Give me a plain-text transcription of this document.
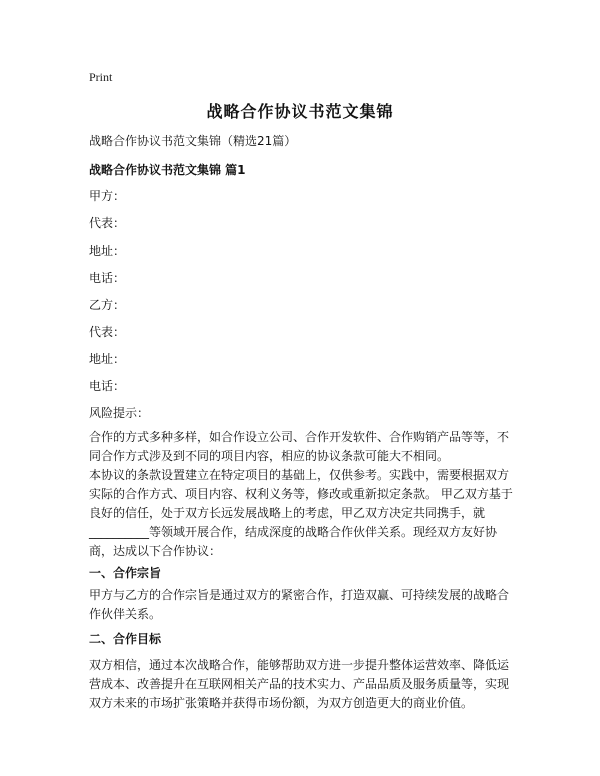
Print
战略合作协议书范文集锦
战略合作协议书范文集锦（精选21篇）
战略合作协议书范文集锦 篇1
甲方：
代表：
地址：
电话：
乙方：
代表：
地址：
电话：
风险提示：
合作的方式多种多样，如合作设立公司、合作开发软件、合作购销产品等等，不同合作方式涉及到不同的项目内容，相应的协议条款可能大不相同。
本协议的条款设置建立在特定项目的基础上，仅供参考。实践中，需要根据双方实际的合作方式、项目内容、权利义务等，修改或重新拟定条款。 甲乙双方基于良好的信任，处于双方长远发展战略上的考虑，甲乙双方决定共同携手，就__________等领域开展合作，结成深度的战略合作伙伴关系。现经双方友好协商，达成以下合作协议：
一、合作宗旨
甲方与乙方的合作宗旨是通过双方的紧密合作，打造双赢、可持续发展的战略合作伙伴关系。
二、合作目标
双方相信，通过本次战略合作，能够帮助双方进一步提升整体运营效率、降低运营成本、改善提升在互联网相关产品的技术实力、产品品质及服务质量等，实现双方未来的市场扩张策略并获得市场份额，为双方创造更大的商业价值。
